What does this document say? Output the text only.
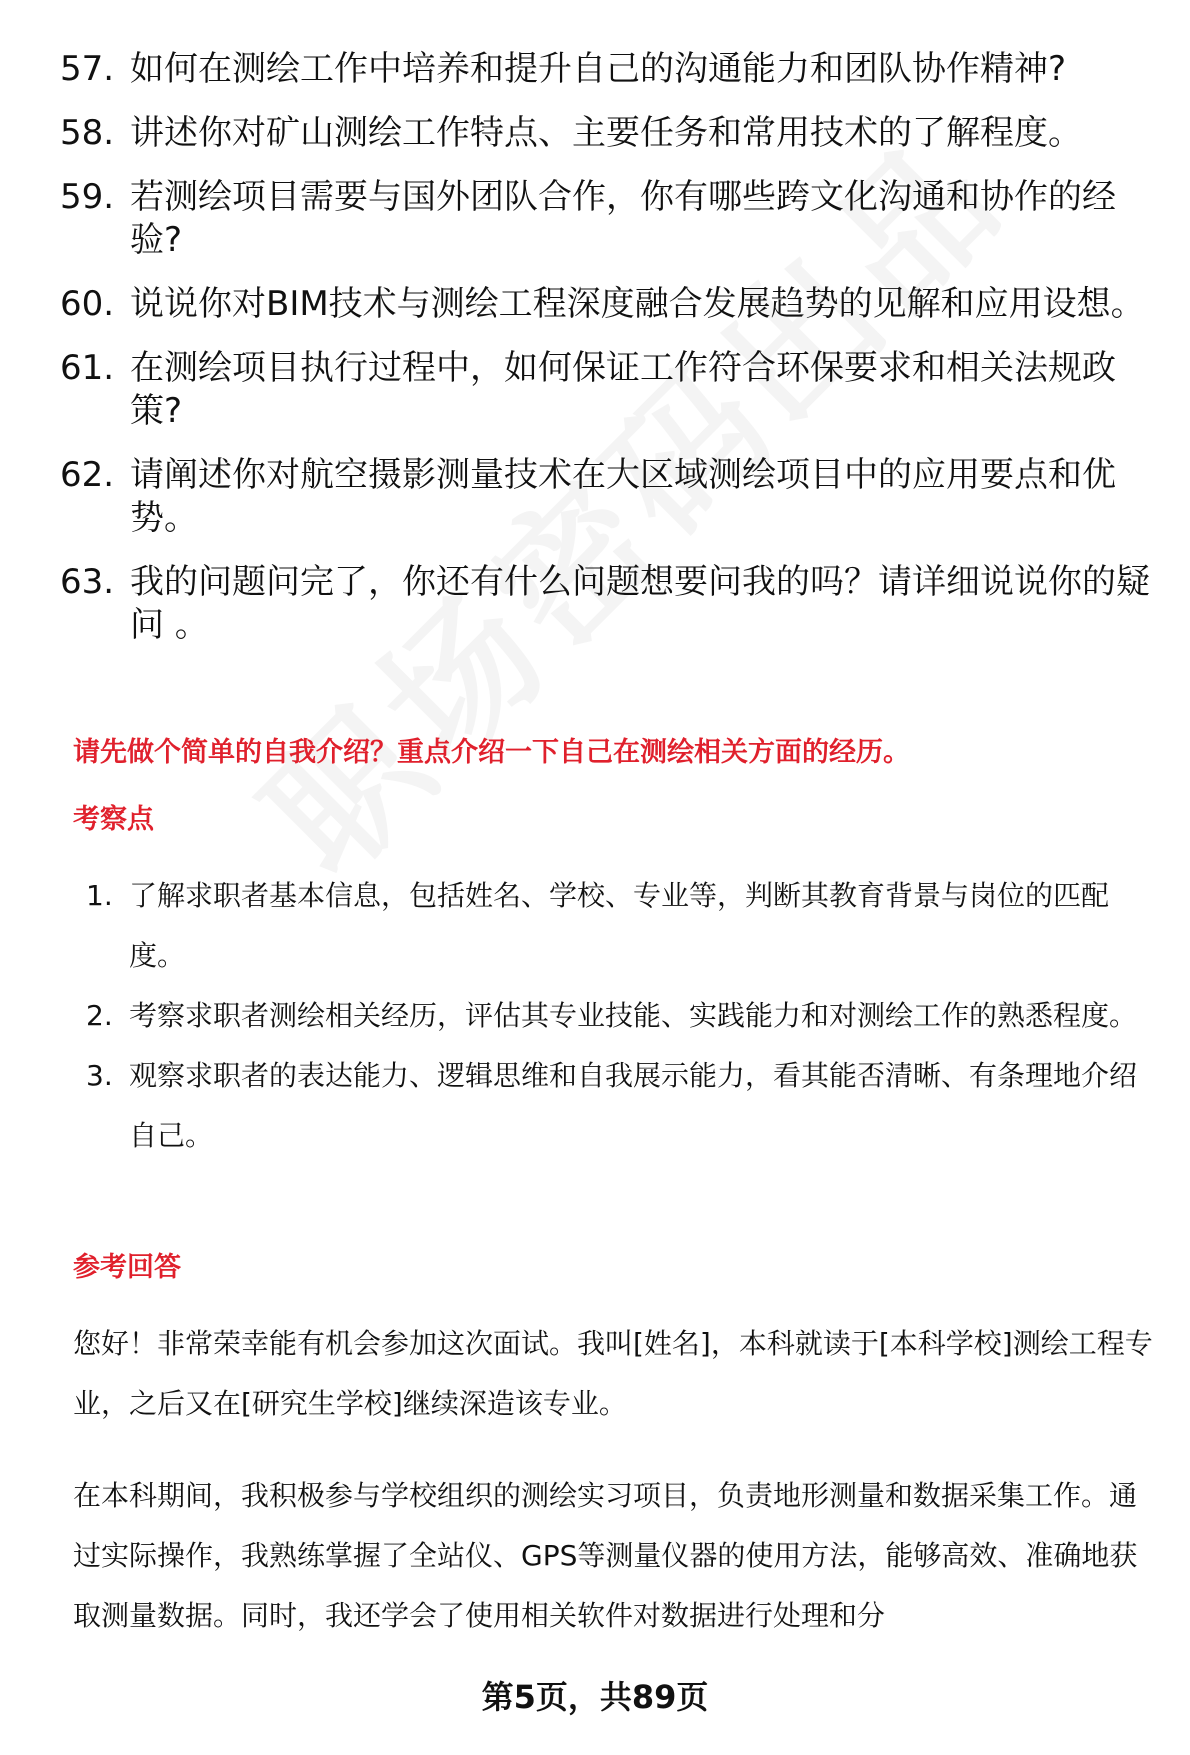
57. 如何在测绘工作中培养和提升自己的沟通能力和团队协作精神?
58. 讲述你对矿山测绘工作特点、主要任务和常用技术的了解程度。
59. 若测绘项目需要与国外团队合作，你有哪些跨文化沟通和协作的经验?
60. 说说你对BIM技术与测绘工程深度融合发展趋势的见解和应用设想。
61. 在测绘项目执行过程中，如何保证工作符合环保要求和相关法规政策?
62. 请阐述你对航空摄影测量技术在大区域测绘项目中的应用要点和优势。
63. 我的问题问完了，你还有什么问题想要问我的吗？请详细说说你的疑问 。
请先做个简单的自我介绍？重点介绍一下自己在测绘相关方面的经历。
考察点
1. 了解求职者基本信息，包括姓名、学校、专业等，判断其教育背景与岗位的匹配度。
2. 考察求职者测绘相关经历，评估其专业技能、实践能力和对测绘工作的熟悉程度。
3. 观察求职者的表达能力、逻辑思维和自我展示能力，看其能否清晰、有条理地介绍自己。
参考回答
您好！非常荣幸能有机会参加这次面试。我叫[姓名]，本科就读于[本科学校]测绘工程专业，之后又在[研究生学校]继续深造该专业。
在本科期间，我积极参与学校组织的测绘实习项目，负责地形测量和数据采集工作。通过实际操作，我熟练掌握了全站仪、GPS等测量仪器的使用方法，能够高效、准确地获取测量数据。同时，我还学会了使用相关软件对数据进行处理和分
第5页，共89页
